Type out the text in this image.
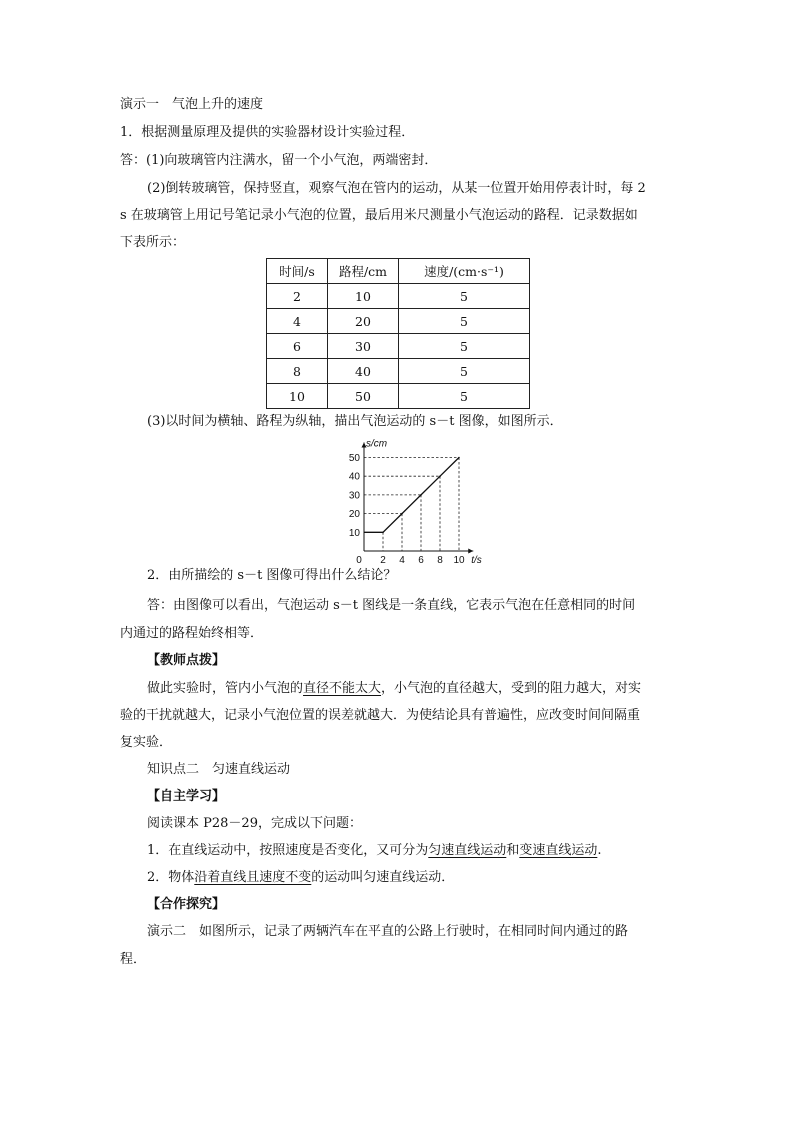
演示一　气泡上升的速度
1．根据测量原理及提供的实验器材设计实验过程．
答：(1)向玻璃管内注满水，留一个小气泡，两端密封．
(2)倒转玻璃管，保持竖直，观察气泡在管内的运动，从某一位置开始用停表计时，每 2
s 在玻璃管上用记号笔记录小气泡的位置，最后用米尺测量小气泡运动的路程．记录数据如
下表所示：
时间/s	路程/cm	速度/(cm·s⁻¹)
2	10	5
4	20	5
6	30	5
8	40	5
10	50	5
(3)以时间为横轴、路程为纵轴，描出气泡运动的 s－t 图像，如图所示．
10
20
30
40
50
0 2 4 6 8 10
s/cm
t/s
2．由所描绘的 s－t 图像可得出什么结论？
答：由图像可以看出，气泡运动 s－t 图线是一条直线，它表示气泡在任意相同的时间
内通过的路程始终相等．
【教师点拨】
做此实验时，管内小气泡的直径不能太大，小气泡的直径越大，受到的阻力越大，对实
验的干扰就越大，记录小气泡位置的误差就越大．为使结论具有普遍性，应改变时间间隔重
复实验．
知识点二　匀速直线运动
【自主学习】
阅读课本 P28－29，完成以下问题：
1．在直线运动中，按照速度是否变化，又可分为匀速直线运动和变速直线运动.
2．物体沿着直线且速度不变的运动叫匀速直线运动．
【合作探究】
演示二　如图所示，记录了两辆汽车在平直的公路上行驶时，在相同时间内通过的路
程．
